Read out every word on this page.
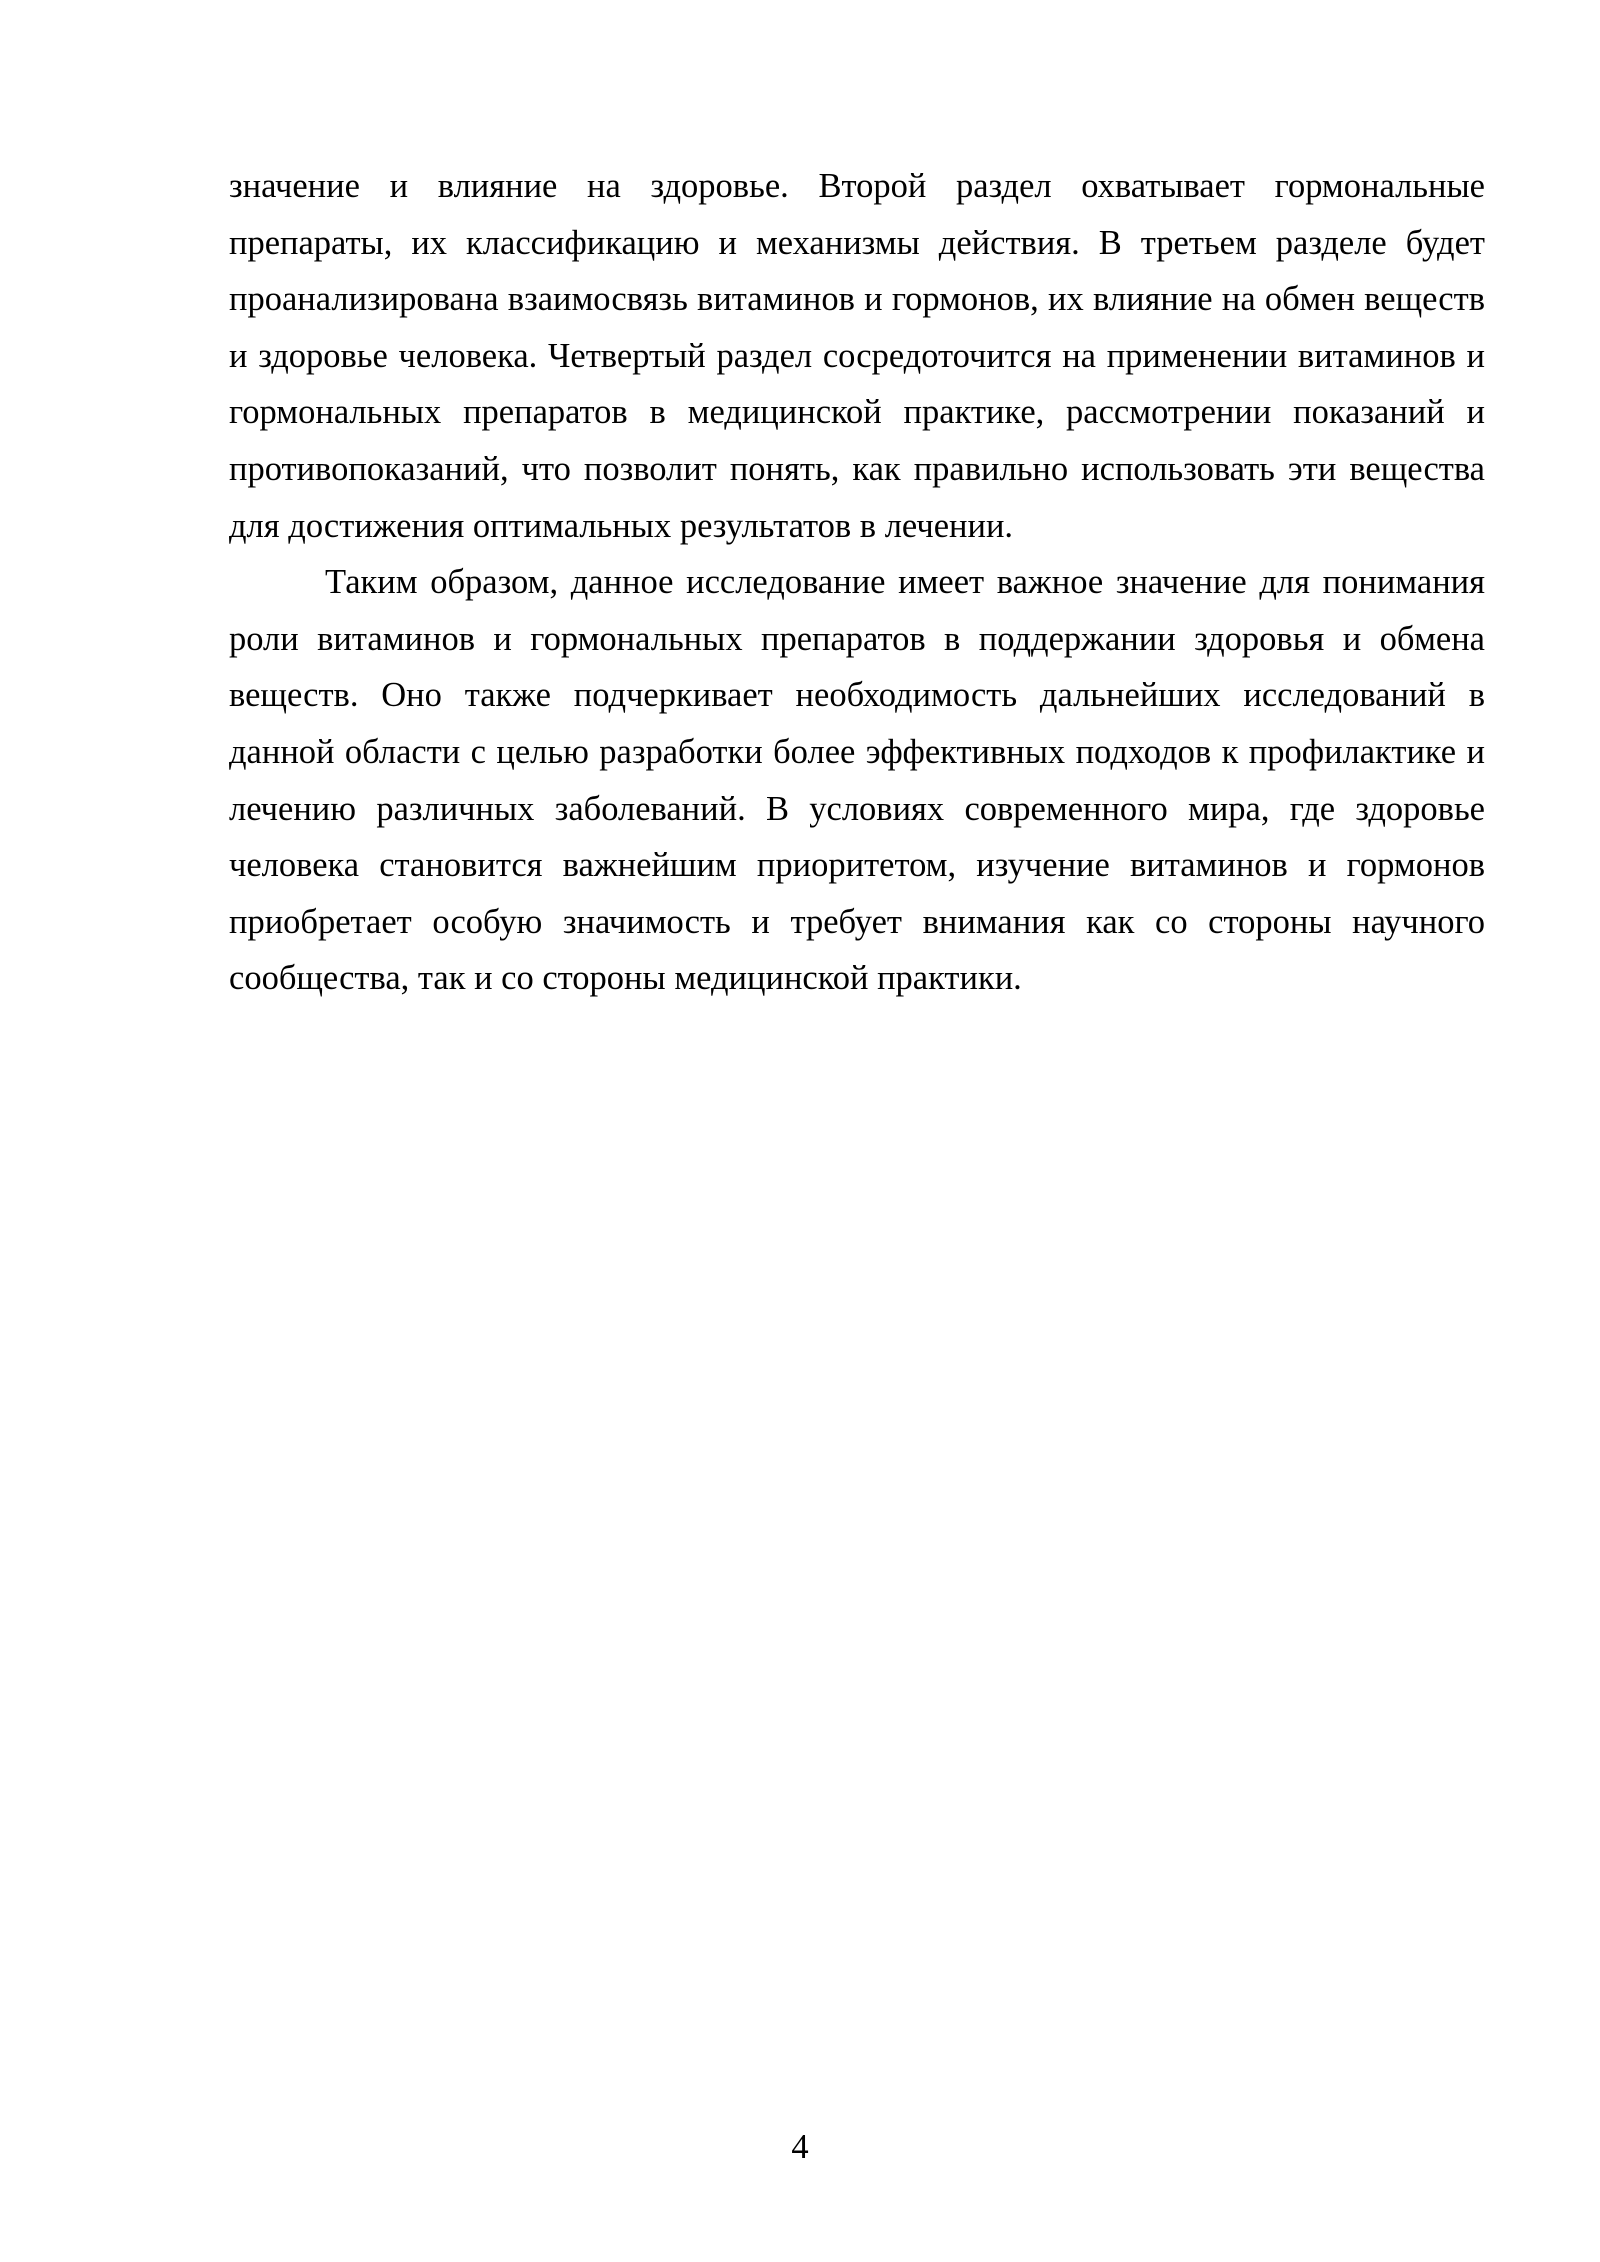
значение и влияние на здоровье. Второй раздел охватывает гормональные препараты, их классификацию и механизмы действия. В третьем разделе будет проанализирована взаимосвязь витаминов и гормонов, их влияние на обмен веществ и здоровье человека. Четвертый раздел сосредоточится на применении витаминов и гормональных препаратов в медицинской практике, рассмотрении показаний и противопоказаний, что позволит понять, как правильно использовать эти вещества для достижения оптимальных результатов в лечении.

Таким образом, данное исследование имеет важное значение для понимания роли витаминов и гормональных препаратов в поддержании здоровья и обмена веществ. Оно также подчеркивает необходимость дальнейших исследований в данной области с целью разработки более эффективных подходов к профилактике и лечению различных заболеваний. В условиях современного мира, где здоровье человека становится важнейшим приоритетом, изучение витаминов и гормонов приобретает особую значимость и требует внимания как со стороны научного сообщества, так и со стороны медицинской практики.

4
